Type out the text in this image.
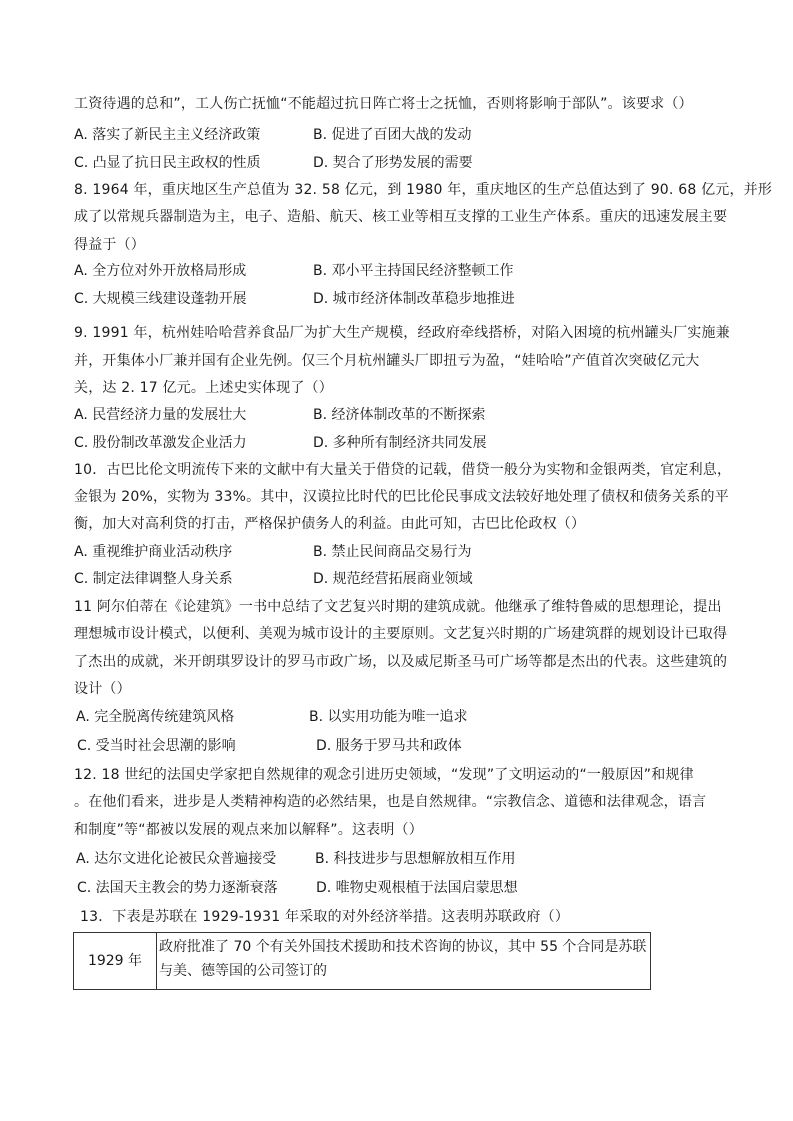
工资待遇的总和”，工人伤亡抚恤“不能超过抗日阵亡将士之抚恤，否则将影响于部队”。该要求（）
A. 落实了新民主主义经济政策	B. 促进了百团大战的发动
C. 凸显了抗日民主政权的性质	D. 契合了形势发展的需要
8. 1964 年，重庆地区生产总值为 32. 58 亿元，到 1980 年，重庆地区的生产总值达到了 90. 68 亿元，并形
成了以常规兵器制造为主，电子、造船、航天、核工业等相互支撑的工业生产体系。重庆的迅速发展主要
得益于（）
A. 全方位对外开放格局形成	B. 邓小平主持国民经济整顿工作
C. 大规模三线建设蓬勃开展	D. 城市经济体制改革稳步地推进
9. 1991 年，杭州娃哈哈营养食品厂为扩大生产规模，经政府牵线搭桥，对陷入困境的杭州罐头厂实施兼
并，开集体小厂兼并国有企业先例。仅三个月杭州罐头厂即扭亏为盈，“娃哈哈”产值首次突破亿元大
关，达 2. 17 亿元。上述史实体现了（）
A. 民营经济力量的发展壮大	B. 经济体制改革的不断探索
C. 股份制改革激发企业活力	D. 多种所有制经济共同发展
10．古巴比伦文明流传下来的文献中有大量关于借贷的记载，借贷一般分为实物和金银两类，官定利息，
金银为 20%，实物为 33%。其中，汉谟拉比时代的巴比伦民事成文法较好地处理了债权和债务关系的平
衡，加大对高利贷的打击，严格保护债务人的利益。由此可知，古巴比伦政权（）
A. 重视维护商业活动秩序	B. 禁止民间商品交易行为
C. 制定法律调整人身关系	D. 规范经营拓展商业领域
11 阿尔伯蒂在《论建筑》一书中总结了文艺复兴时期的建筑成就。他继承了维特鲁威的思想理论，提出
理想城市设计模式，以便利、美观为城市设计的主要原则。文艺复兴时期的广场建筑群的规划设计已取得
了杰出的成就，米开朗琪罗设计的罗马市政广场，以及威尼斯圣马可广场等都是杰出的代表。这些建筑的
设计（）
A. 完全脱离传统建筑风格	B. 以实用功能为唯一追求
C. 受当时社会思潮的影响	D. 服务于罗马共和政体
12. 18 世纪的法国史学家把自然规律的观念引进历史领域，“发现”了文明运动的“一般原因”和规律
。在他们看来，进步是人类精神构造的必然结果，也是自然规律。“宗教信念、道德和法律观念，语言
和制度”等“都被以发展的观点来加以解释”。这表明（）
A. 达尔文进化论被民众普遍接受	B. 科技进步与思想解放相互作用
C. 法国天主教会的势力逐渐衰落	D. 唯物史观根植于法国启蒙思想
13．下表是苏联在 1929-1931 年采取的对外经济举措。这表明苏联政府（）
1929 年	政府批准了 70 个有关外国技术援助和技术咨询的协议，其中 55 个合同是苏联与美、德等国的公司签订的
